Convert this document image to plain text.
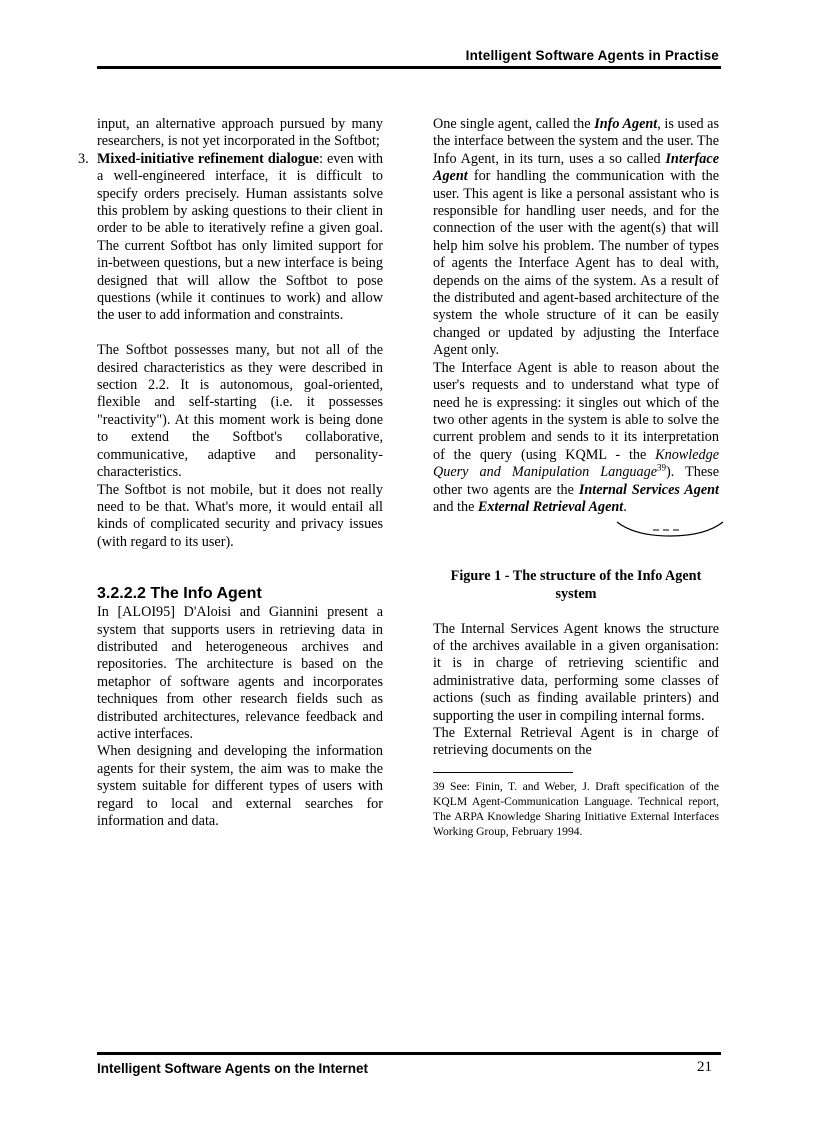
Intelligent Software Agents in Practise

input, an alternative approach pursued by many researchers, is not yet incorporated in the Softbot;

3. Mixed-initiative refinement dialogue: even with a well-engineered interface, it is difficult to specify orders precisely. Human assistants solve this problem by asking questions to their client in order to be able to iteratively refine a given goal. The current Softbot has only limited support for in-between questions, but a new interface is being designed that will allow the Softbot to pose questions (while it continues to work) and allow the user to add information and constraints.

The Softbot possesses many, but not all of the desired characteristics as they were described in section 2.2. It is autonomous, goal-oriented, flexible and self-starting (i.e. it possesses "reactivity"). At this moment work is being done to extend the Softbot's collaborative, communicative, adaptive and personality-characteristics.

The Softbot is not mobile, but it does not really need to be that. What's more, it would entail all kinds of complicated security and privacy issues (with regard to its user).

3.2.2.2 The Info Agent

In [ALOI95] D'Aloisi and Giannini present a system that supports users in retrieving data in distributed and heterogeneous archives and repositories. The architecture is based on the metaphor of software agents and incorporates techniques from other research fields such as distributed architectures, relevance feedback and active interfaces.

When designing and developing the information agents for their system, the aim was to make the system suitable for different types of users with regard to local and external searches for information and data.

One single agent, called the Info Agent, is used as the interface between the system and the user. The Info Agent, in its turn, uses a so called Interface Agent for handling the communication with the user. This agent is like a personal assistant who is responsible for handling user needs, and for the connection of the user with the agent(s) that will help him solve his problem. The number of types of agents the Interface Agent has to deal with, depends on the aims of the system. As a result of the distributed and agent-based architecture of the system the whole structure of it can be easily changed or updated by adjusting the Interface Agent only.

The Interface Agent is able to reason about the user's requests and to understand what type of need he is expressing: it singles out which of the two other agents in the system is able to solve the current problem and sends to it its interpretation of the query (using KQML - the Knowledge Query and Manipulation Language$^{39}$). These other two agents are the Internal Services Agent and the External Retrieval Agent.

Figure 1 - The structure of the Info Agent system

The Internal Services Agent knows the structure of the archives available in a given organisation: it is in charge of retrieving scientific and administrative data, performing some classes of actions (such as finding available printers) and supporting the user in compiling internal forms.

The External Retrieval Agent is in charge of retrieving documents on the

39 See: Finin, T. and Weber, J. Draft specification of the KQLM Agent-Communication Language. Technical report, The ARPA Knowledge Sharing Initiative External Interfaces Working Group, February 1994.
Intelligent Software Agents on the Internet	21
